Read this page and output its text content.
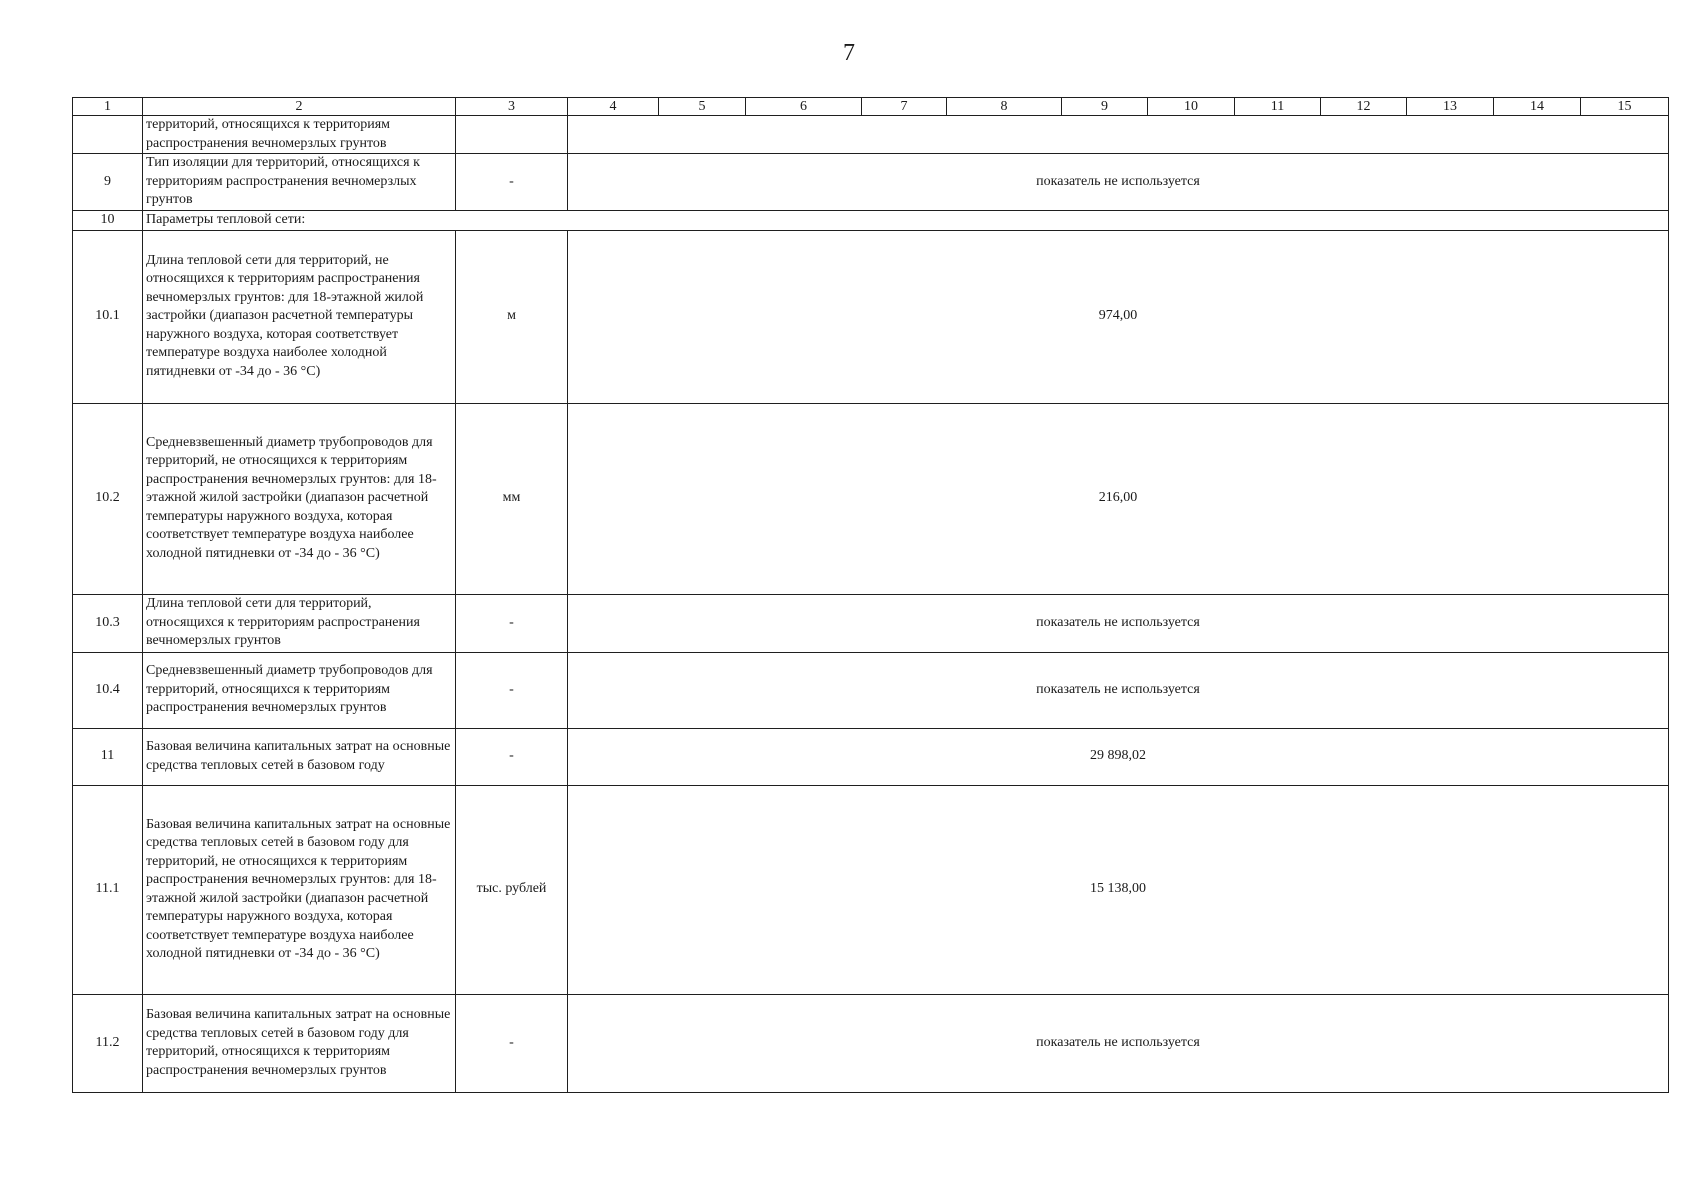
7
1	2	3	4	5	6	7	8	9	10	11	12	13	14	15
	территорий, относящихся к территориям распространения вечномерзлых грунтов													
9	Тип изоляции для территорий, относящихся к территориям распространения вечномерзлых грунтов	-	показатель не используется											
10	Параметры тепловой сети:													
10.1	Длина тепловой сети для территорий, не относящихся к территориям распространения вечномерзлых грунтов: для 18-этажной жилой застройки (диапазон расчетной температуры наружного воздуха, которая соответствует температуре воздуха наиболее холодной пятидневки от -34 до - 36 °С)	м	974,00											
10.2	Средневзвешенный диаметр трубопроводов для территорий, не относящихся к территориям распространения вечномерзлых грунтов: для 18-этажной жилой застройки (диапазон расчетной температуры наружного воздуха, которая соответствует температуре воздуха наиболее холодной пятидневки от -34 до - 36 °С)	мм	216,00											
10.3	Длина тепловой сети для территорий, относящихся к территориям распространения вечномерзлых грунтов	-	показатель не используется											
10.4	Средневзвешенный диаметр трубопроводов для территорий, относящихся к территориям распространения вечномерзлых грунтов	-	показатель не используется											
11	Базовая величина капитальных затрат на основные средства тепловых сетей в базовом году	-	29 898,02											
11.1	Базовая величина капитальных затрат на основные средства тепловых сетей в базовом году для территорий, не относящихся к территориям распространения вечномерзлых грунтов: для 18-этажной жилой застройки (диапазон расчетной температуры наружного воздуха, которая соответствует температуре воздуха наиболее холодной пятидневки от -34 до - 36 °С)	тыс. рублей	15 138,00											
11.2	Базовая величина капитальных затрат на основные средства тепловых сетей в базовом году для территорий, относящихся к территориям распространения вечномерзлых грунтов	-	показатель не используется											
